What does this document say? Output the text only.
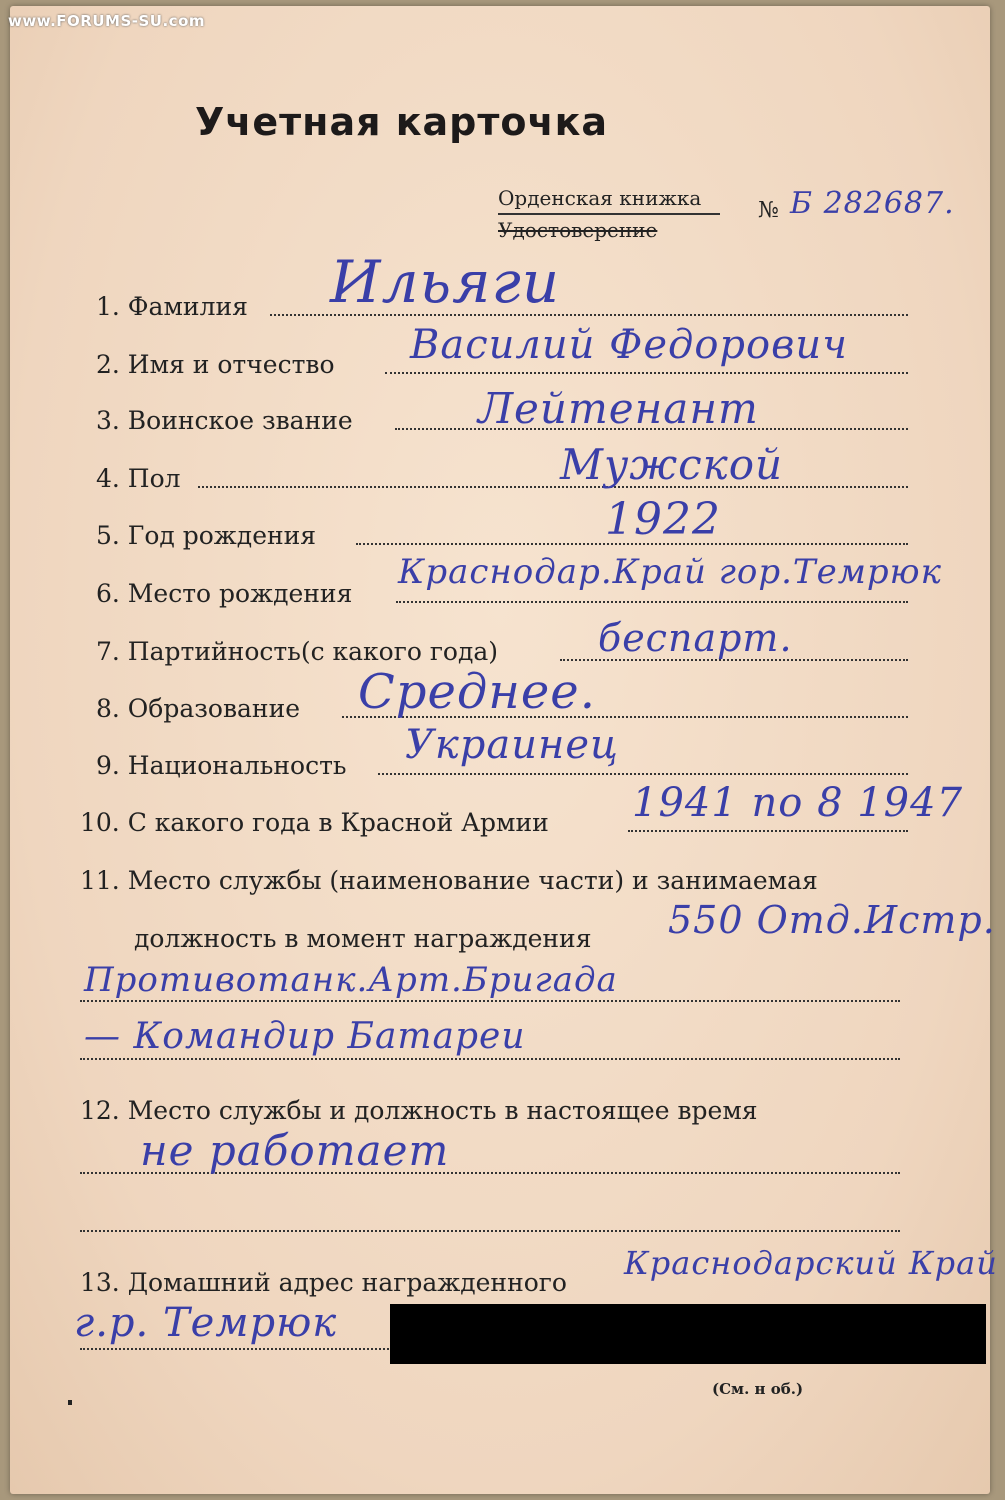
www.FORUMS-SU.com
Учетная карточка
Орденская книжка
Удостоверение
№ Б 282687.
1. Фамилия Ильяги
2. Имя и отчество Василий Федорович
3. Воинское звание	Лейтенант
4. Пол	Мужской
5. Год рождения	1922
6. Место рождения
Краснодар.Край гор.Темрюк
7. Партийность(с какого года)	беспарт.
8. Образование Среднее.
9. Национальность Украинец
10. С какого года в Красной Армии 1941 по 8 1947
11. Место службы (наименование части) и занимаемая
должность в момент награждения 550 Отд.Истр.
Противотанк.Арт.Бригада
— Командир Батареи
12. Место службы и должность в настоящее время
не работает
13. Домашний адрес награжденного
Краснодарский Край
г.р. Темрюк
(См. н об.)
